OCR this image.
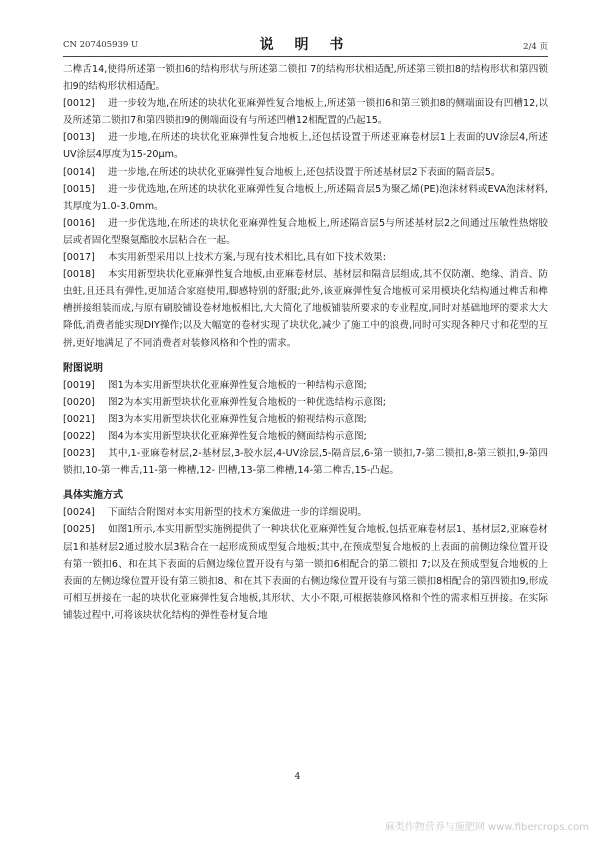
CN 207405939 U	说 明 书	2/4 页

二榫舌14,使得所述第一锁扣6的结构形状与所述第二锁扣 7的结构形状相适配,所述第三锁扣8的结构形状和第四锁扣9的结构形状相适配。

[0012] 进一步较为地,在所述的块状化亚麻弹性复合地板上,所述第一锁扣6和第三锁扣8的侧端面设有凹槽12,以及所述第二锁扣7和第四锁扣9的侧端面设有与所述凹槽12相配置的凸起15。

[0013] 进一步地,在所述的块状化亚麻弹性复合地板上,还包括设置于所述亚麻卷材层1上表面的UV涂层4,所述UV涂层4厚度为15-20μm。

[0014] 进一步地,在所述的块状化亚麻弹性复合地板上,还包括设置于所述基材层2下表面的隔音层5。

[0015] 进一步优选地,在所述的块状化亚麻弹性复合地板上,所述隔音层5为聚乙烯(PE)泡沫材料或EVA泡沫材料,其厚度为1.0-3.0mm。

[0016] 进一步优选地,在所述的块状化亚麻弹性复合地板上,所述隔音层5与所述基材层2之间通过压敏性热熔胶层或者固化型聚氨酯胶水层粘合在一起。

[0017] 本实用新型采用以上技术方案,与现有技术相比,具有如下技术效果:

[0018] 本实用新型块状化亚麻弹性复合地板,由亚麻卷材层、基材层和隔音层组成,其不仅防潮、绝缘、消音、防虫蛀,且还具有弹性,更加适合家庭使用,脚感特别的舒服;此外,该亚麻弹性复合地板可采用模块化结构通过榫舌和榫槽拼接组装而成,与原有刷胶铺设卷材地板相比,大大简化了地板铺装所要求的专业程度,同时对基础地坪的要求大大降低,消费者能实现DIY操作;以及大幅宽的卷材实现了块状化,减少了施工中的浪费,同时可实现各种尺寸和花型的互拼,更好地满足了不同消费者对装修风格和个性的需求。

附图说明

[0019] 图1为本实用新型块状化亚麻弹性复合地板的一种结构示意图;

[0020] 图2为本实用新型块状化亚麻弹性复合地板的一种优选结构示意图;

[0021] 图3为本实用新型块状化亚麻弹性复合地板的俯视结构示意图;

[0022] 图4为本实用新型块状化亚麻弹性复合地板的侧面结构示意图;

[0023] 其中,1-亚麻卷材层,2-基材层,3-胶水层,4-UV涂层,5-隔音层,6-第一锁扣,7-第二锁扣,8-第三锁扣,9-第四锁扣,10-第一榫舌,11-第一榫槽,12- 凹槽,13-第二榫槽,14-第二榫舌,15-凸起。

具体实施方式

[0024] 下面结合附图对本实用新型的技术方案做进一步的详细说明。

[0025] 如图1所示,本实用新型实施例提供了一种块状化亚麻弹性复合地板,包括亚麻卷材层1、基材层2,亚麻卷材层1和基材层2通过胶水层3粘合在一起形成预成型复合地板;其中,在预成型复合地板的上表面的前侧边缘位置开设有第一锁扣6、和在其下表面的后侧边缘位置开设有与第一锁扣6相配合的第二锁扣 7;以及在预成型复合地板的上表面的左侧边缘位置开设有第三锁扣8、和在其下表面的右侧边缘位置开设有与第三锁扣8相配合的第四锁扣9,形成可相互拼接在一起的块状化亚麻弹性复合地板,其形状、大小不限,可根据装修风格和个性的需求相互拼接。在实际铺装过程中,可将该块状化结构的弹性卷材复合地

4
麻类作物营养与施肥网 www.fibercrops.com
